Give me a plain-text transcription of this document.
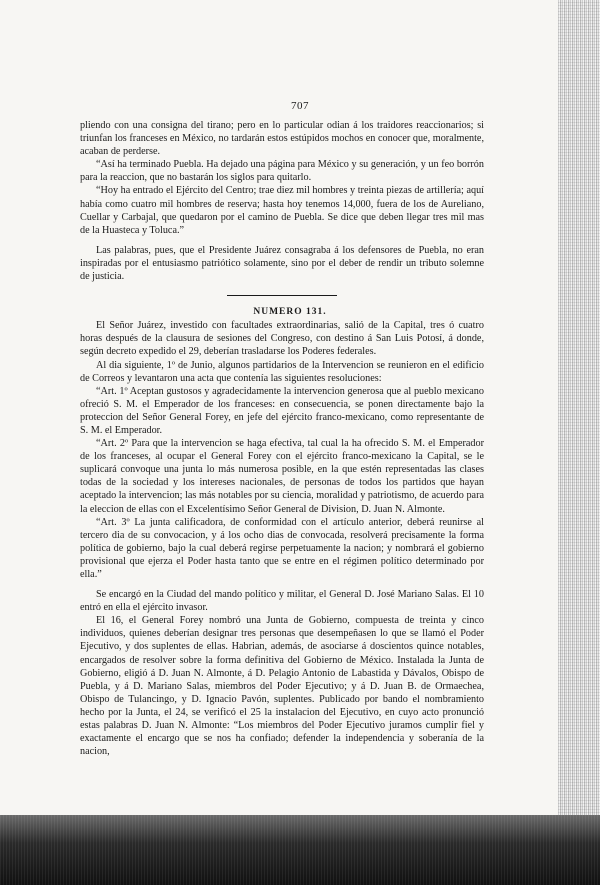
707

pliendo con una consigna del tirano; pero en lo particular odian á los traidores reaccionarios; si triunfan los franceses en México, no tardarán estos estúpidos mochos en conocer que, moralmente, acaban de perderse.

“Así ha terminado Puebla. Ha dejado una página para México y su generación, y un feo borrón para la reaccion, que no bastarán los siglos para quitarlo.

“Hoy ha entrado el Ejército del Centro; trae diez mil hombres y treinta piezas de artillería; aquí había como cuatro mil hombres de reserva; hasta hoy tenemos 14,000, fuera de los de Aureliano, Cuellar y Carbajal, que quedaron por el camino de Puebla. Se dice que deben llegar tres mil mas de la Huasteca y Toluca.”

Las palabras, pues, que el Presidente Juárez consagraba á los defensores de Puebla, no eran inspiradas por el entusiasmo patriótico solamente, sino por el deber de rendir un tributo solemne de justicia.

NUMERO 131.

El Señor Juárez, investido con facultades extraordinarias, salió de la Capital, tres ó cuatro horas después de la clausura de sesiones del Congreso, con destino á San Luis Potosí, á donde, según decreto expedido el 29, deberían trasladarse los Poderes federales.

Al dia siguiente, 1º de Junio, algunos partidarios de la Intervencion se reunieron en el edificio de Correos y levantaron una acta que contenía las siguientes resoluciones:

“Art. 1º Aceptan gustosos y agradecidamente la intervencion generosa que al pueblo mexicano ofreció S. M. el Emperador de los franceses: en consecuencia, se ponen directamente bajo la proteccion del Señor General Forey, en jefe del ejército franco-mexicano, como representante de S. M. el Emperador.

“Art. 2º Para que la intervencion se haga efectiva, tal cual la ha ofrecido S. M. el Emperador de los franceses, al ocupar el General Forey con el ejército franco-mexicano la Capital, se le suplicará convoque una junta lo más numerosa posible, en la que estén representadas las clases todas de la sociedad y los intereses nacionales, de personas de todos los partidos que hayan aceptado la intervencion; las más notables por su ciencia, moralidad y patriotismo, de acuerdo para la eleccion de ellas con el Excelentísimo Señor General de Division, D. Juan N. Almonte.

“Art. 3º La junta calificadora, de conformidad con el artículo anterior, deberá reunirse al tercero dia de su convocacion, y á los ocho dias de convocada, resolverá precisamente la forma política de gobierno, bajo la cual deberá regirse perpetuamente la nacion; y nombrará el gobierno provisional que ejerza el Poder hasta tanto que se entre en el régimen político determinado por ella.”

Se encargó en la Ciudad del mando político y militar, el General D. José Mariano Salas. El 10 entró en ella el ejército invasor.

El 16, el General Forey nombró una Junta de Gobierno, compuesta de treinta y cinco individuos, quienes deberían designar tres personas que desempeñasen lo que se llamó el Poder Ejecutivo, y dos suplentes de ellas. Habrian, además, de asociarse á doscientos quince notables, encargados de resolver sobre la forma definitiva del Gobierno de México. Instalada la Junta de Gobierno, eligió á D. Juan N. Almonte, á D. Pelagio Antonio de Labastida y Dávalos, Obispo de Puebla, y á D. Mariano Salas, miembros del Poder Ejecutivo; y á D. Juan B. de Ormaechea, Obispo de Tulancingo, y D. Ignacio Pavón, suplentes. Publicado por bando el nombramiento hecho por la Junta, el 24, se verificó el 25 la instalacion del Ejecutivo, en cuyo acto pronunció estas palabras D. Juan N. Almonte: “Los miembros del Poder Ejecutivo juramos cumplir fiel y exactamente el encargo que se nos ha confiado; defender la independencia y soberanía de la nacion,
